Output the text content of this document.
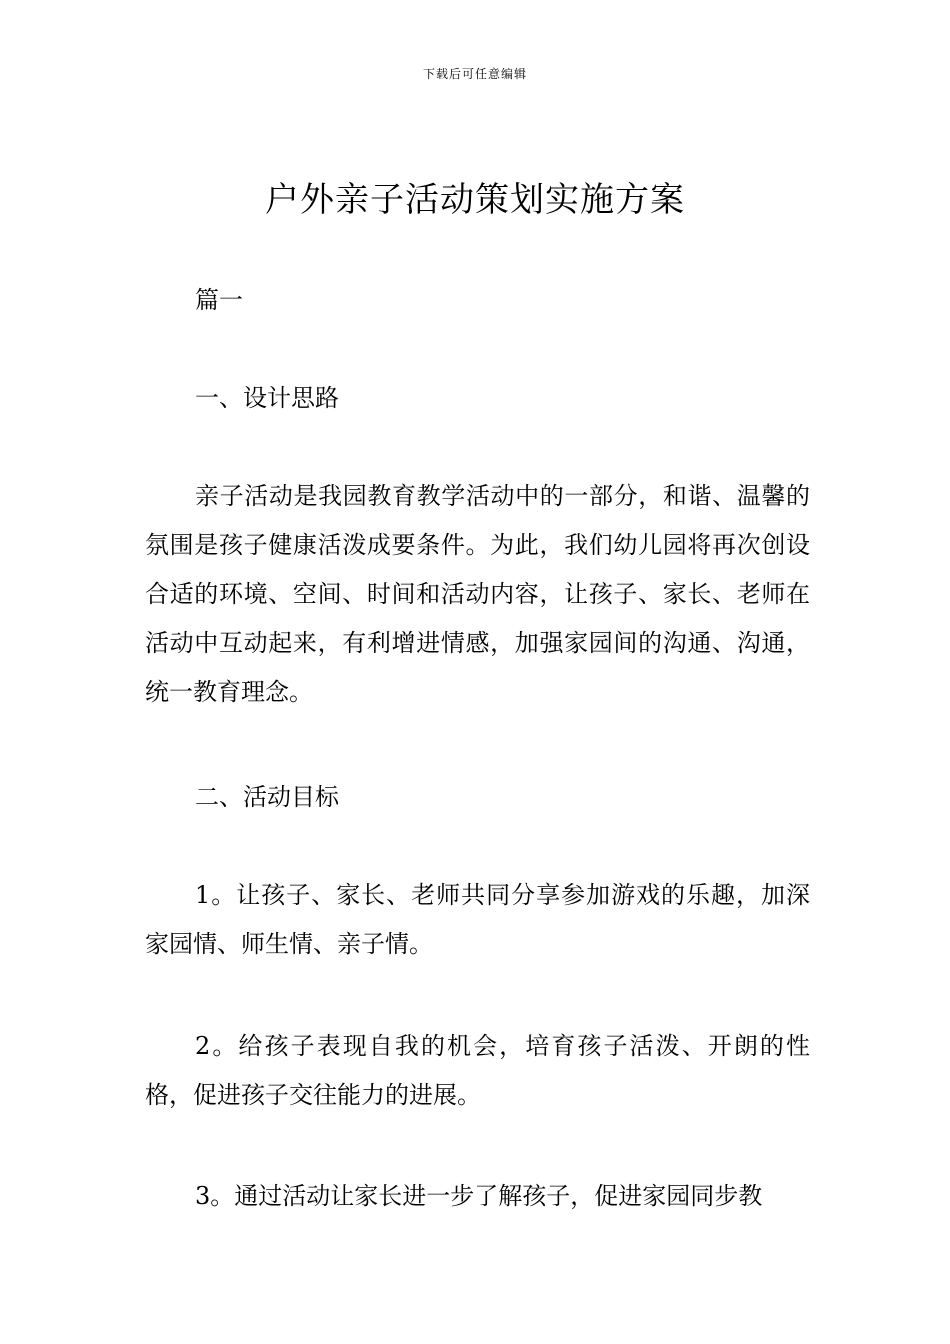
下载后可任意编辑
户外亲子活动策划实施方案

篇一

一、设计思路

亲子活动是我园教育教学活动中的一部分，和谐、温馨的氛围是孩子健康活泼成要条件。为此，我们幼儿园将再次创设合适的环境、空间、时间和活动内容，让孩子、家长、老师在活动中互动起来，有利增进情感，加强家园间的沟通、沟通，统一教育理念。

二、活动目标

1。让孩子、家长、老师共同分享参加游戏的乐趣，加深家园情、师生情、亲子情。

2。给孩子表现自我的机会，培育孩子活泼、开朗的性格，促进孩子交往能力的进展。

3。通过活动让家长进一步了解孩子，促进家园同步教
